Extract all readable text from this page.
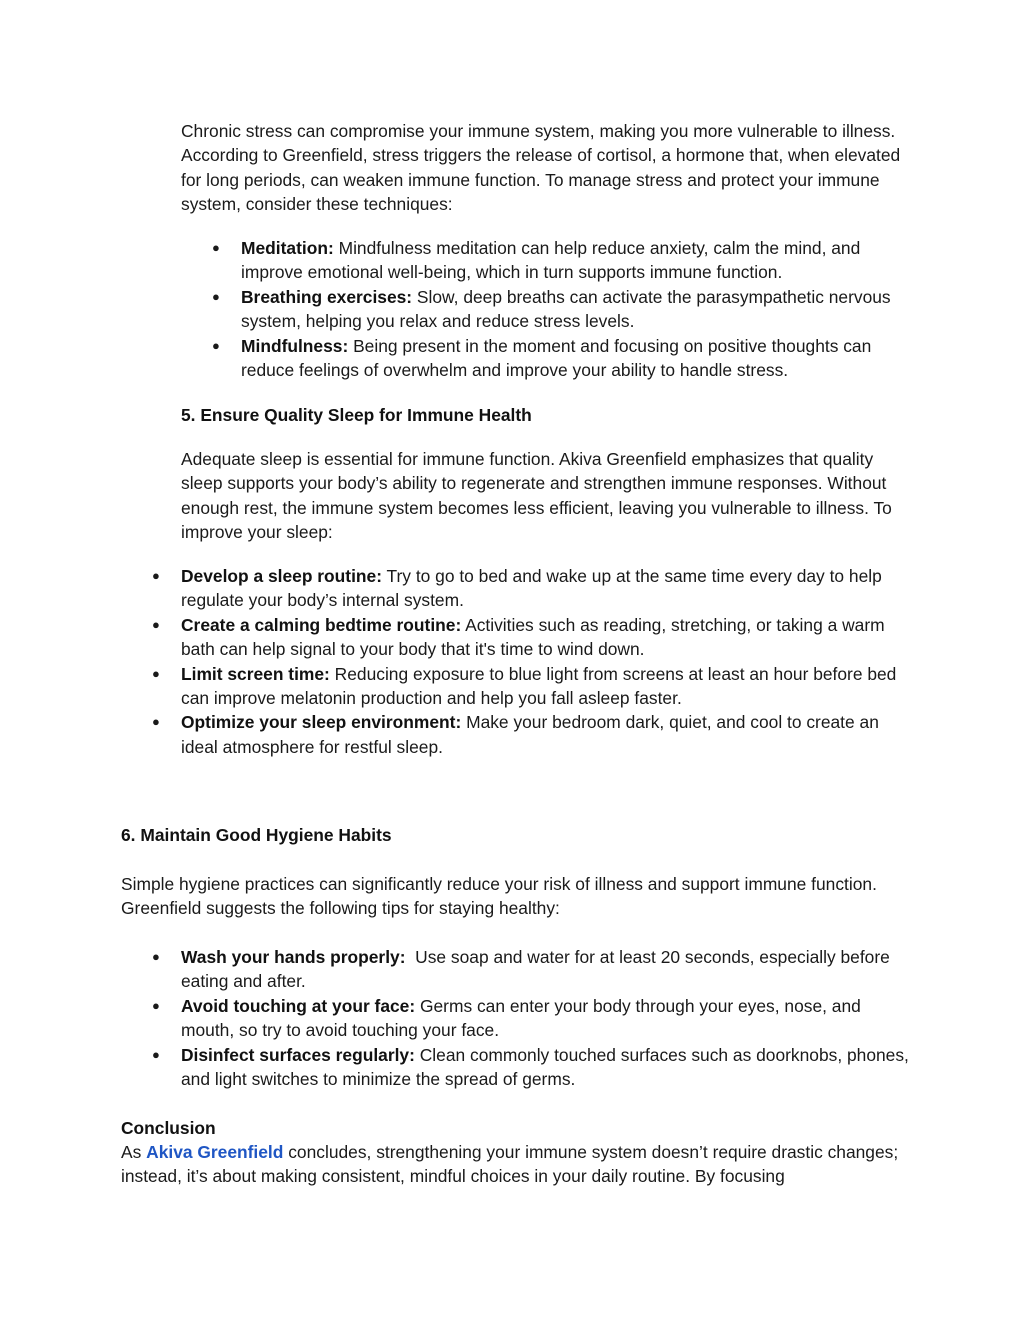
Chronic stress can compromise your immune system, making you more vulnerable to illness. According to Greenfield, stress triggers the release of cortisol, a hormone that, when elevated for long periods, can weaken immune function. To manage stress and protect your immune system, consider these techniques:

● Meditation: Mindfulness meditation can help reduce anxiety, calm the mind, and improve emotional well-being, which in turn supports immune function.
● Breathing exercises: Slow, deep breaths can activate the parasympathetic nervous system, helping you relax and reduce stress levels.
● Mindfulness: Being present in the moment and focusing on positive thoughts can reduce feelings of overwhelm and improve your ability to handle stress.

5. Ensure Quality Sleep for Immune Health

Adequate sleep is essential for immune function. Akiva Greenfield emphasizes that quality sleep supports your body’s ability to regenerate and strengthen immune responses. Without enough rest, the immune system becomes less efficient, leaving you vulnerable to illness. To improve your sleep:

● Develop a sleep routine: Try to go to bed and wake up at the same time every day to help regulate your body’s internal system.
● Create a calming bedtime routine: Activities such as reading, stretching, or taking a warm bath can help signal to your body that it's time to wind down.
● Limit screen time: Reducing exposure to blue light from screens at least an hour before bed can improve melatonin production and help you fall asleep faster.
● Optimize your sleep environment: Make your bedroom dark, quiet, and cool to create an ideal atmosphere for restful sleep.

6. Maintain Good Hygiene Habits

Simple hygiene practices can significantly reduce your risk of illness and support immune function. Greenfield suggests the following tips for staying healthy:

● Wash your hands properly:  Use soap and water for at least 20 seconds, especially before eating and after.
● Avoid touching at your face: Germs can enter your body through your eyes, nose, and mouth, so try to avoid touching your face.
● Disinfect surfaces regularly: Clean commonly touched surfaces such as doorknobs, phones, and light switches to minimize the spread of germs.

Conclusion

As Akiva Greenfield concludes, strengthening your immune system doesn’t require drastic changes; instead, it’s about making consistent, mindful choices in your daily routine. By focusing
